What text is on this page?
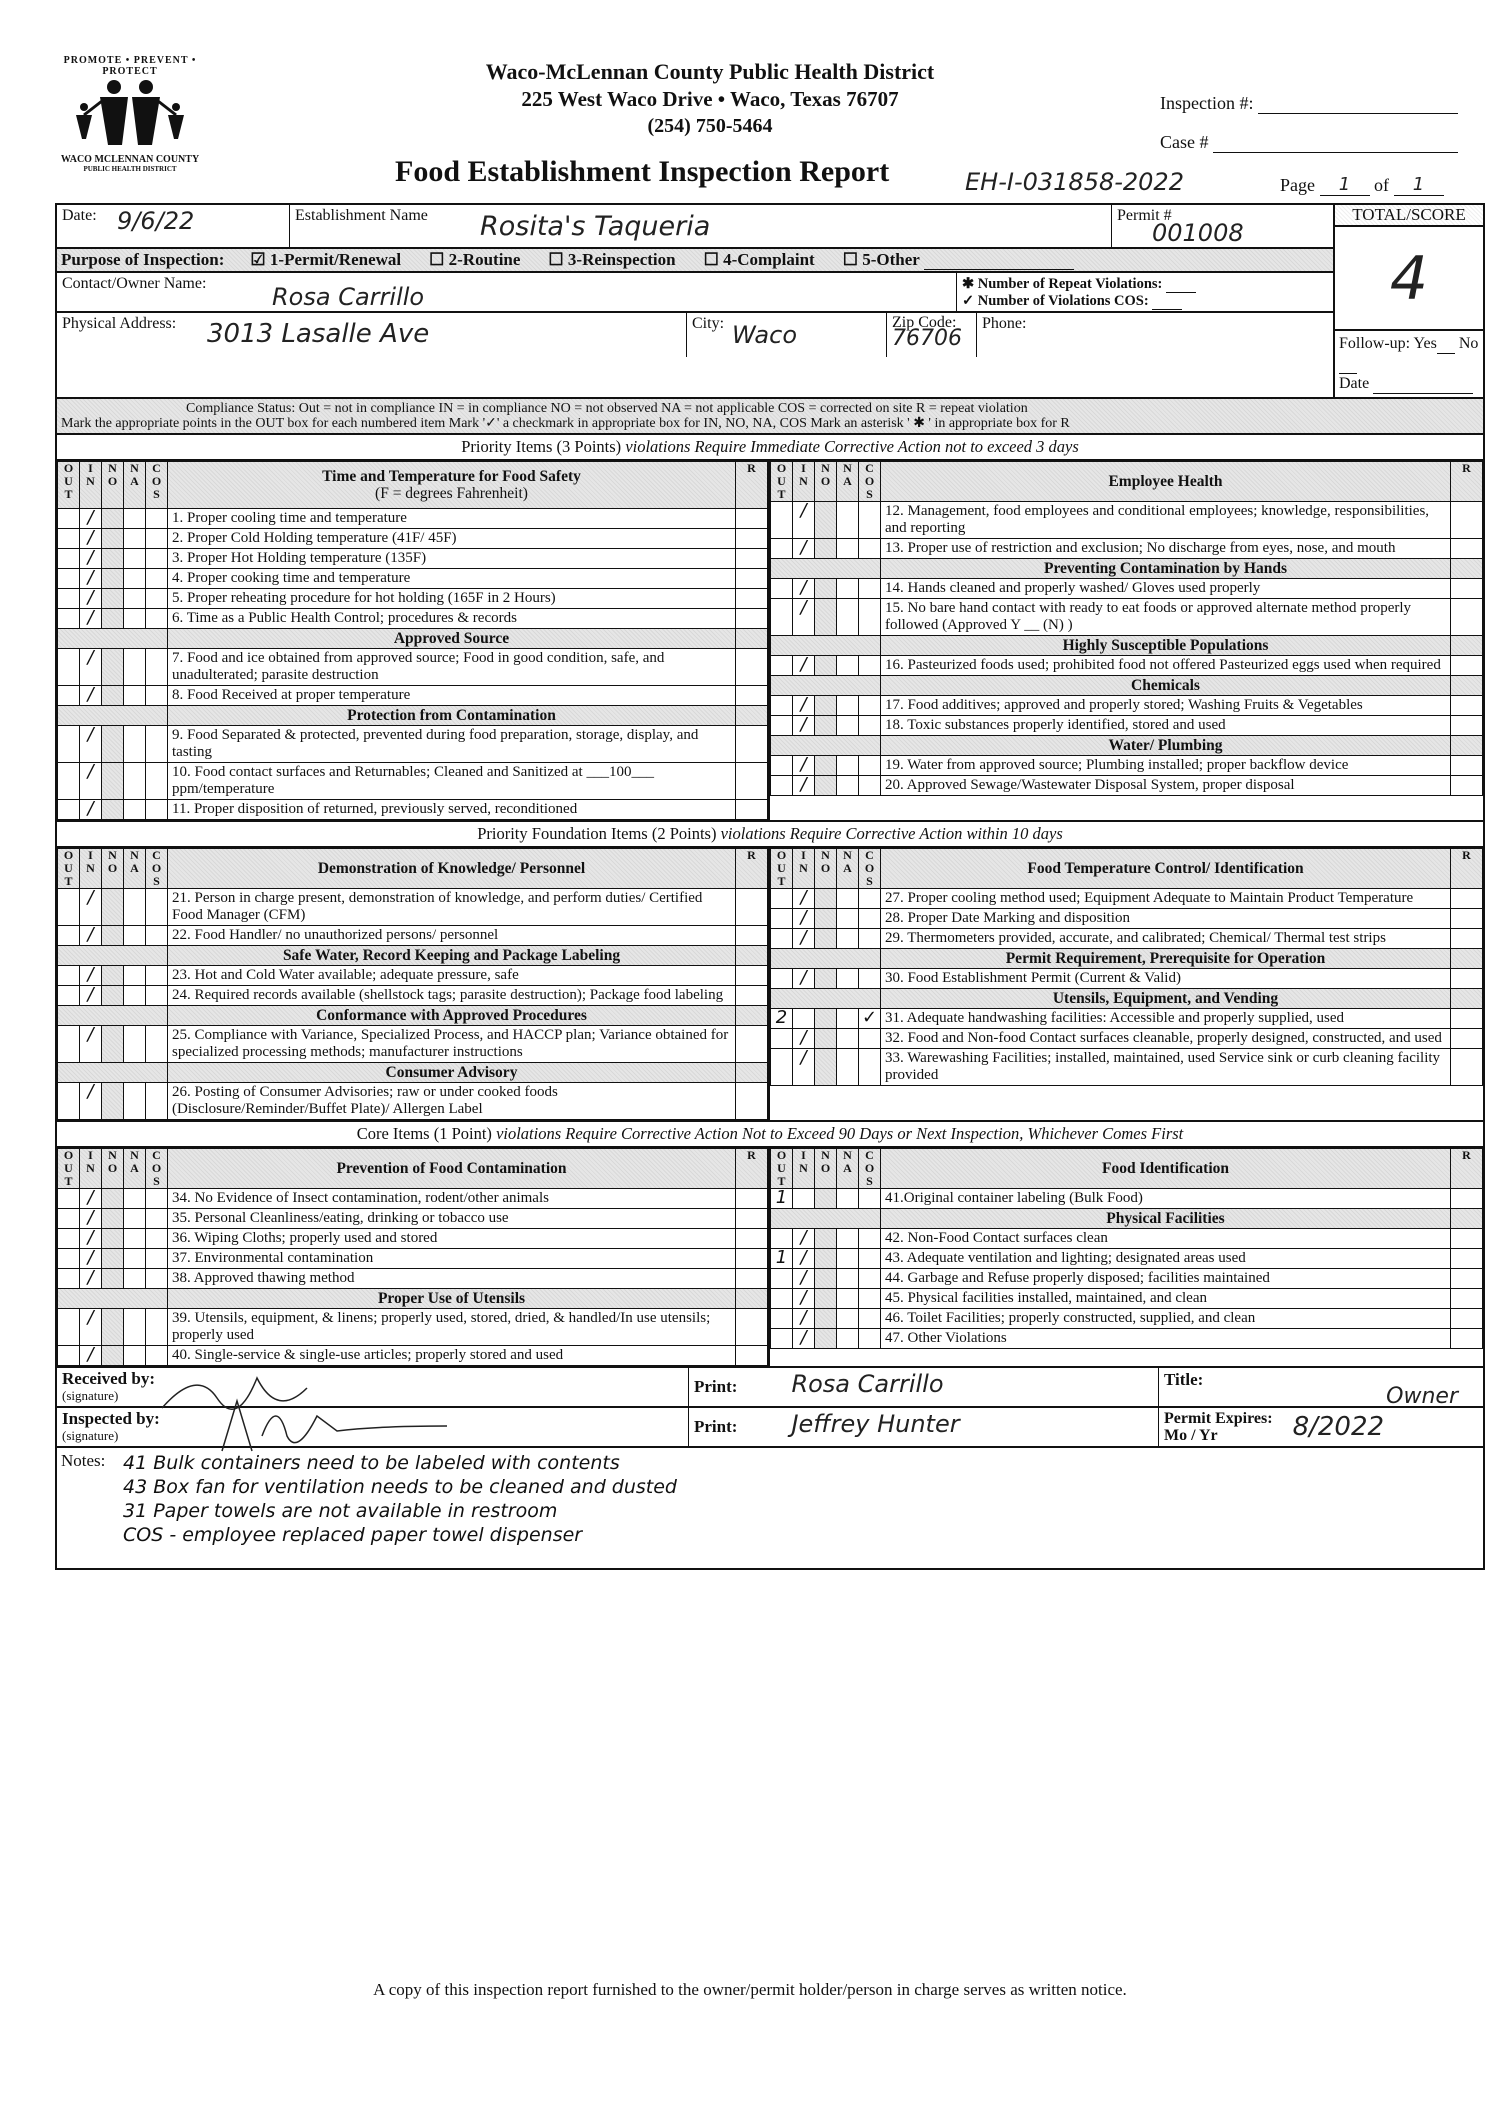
PROMOTE • PREVENT • PROTECT
WACO MCLENNAN COUNTY
PUBLIC HEALTH DISTRICT
Waco-McLennan County Public Health District
225 West Waco Drive • Waco, Texas 76707
(254) 750-5464
Inspection #:
Case #
Food Establishment Inspection Report	EH-I-031858-2022	Page 1 of 1
Date: 9/6/22	Establishment Name Rosita's Taqueria	Permit #
001008
Purpose of Inspection: ☑ 1-Permit/Renewal ☐ 2-Routine ☐ 3-Reinspection ☐ 4-Complaint ☐ 5-Other
Contact/Owner Name:	Rosa Carrillo	✱ Number of Repeat Violations:
✓ Number of Violations COS:
Physical Address: 3013 Lasalle Ave	City: Waco	Zip Code:
76706
Phone:
TOTAL/SCORE
4
Follow-up: Yes No
Date
Compliance Status: Out = not in compliance IN = in compliance NO = not observed NA = not applicable COS = corrected on site R = repeat violation
Mark the appropriate points in the OUT box for each numbered item Mark '✓' a checkmark in appropriate box for IN, NO, NA, COS Mark an asterisk ' ✱ ' in appropriate box for R
Priority Items (3 Points) violations Require Immediate Corrective Action not to exceed 3 days
O
U
T	I
N	N
O	N
A	C
O
S	
Time and Temperature for Food Safety
(F = degrees Fahrenheit)
	R
	/				1. Proper cooling time and temperature	
	/				2. Proper Cold Holding temperature (41F/ 45F)	
	/				3. Proper Hot Holding temperature (135F)	
	/				4. Proper cooking time and temperature	
	/				5. Proper reheating procedure for hot holding (165F in 2 Hours)	
	/				6. Time as a Public Health Control; procedures & records	
					Approved Source	
	/				7. Food and ice obtained from approved source; Food in good condition, safe, and unadulterated; parasite destruction	
	/				8. Food Received at proper temperature	
					Protection from Contamination	
	/				9. Food Separated & protected, prevented during food preparation, storage, display, and tasting	
	/				10. Food contact surfaces and Returnables; Cleaned and Sanitized at ___100___ ppm/temperature	
	/				11. Proper disposition of returned, previously served, reconditioned	
O
U
T	I
N	N
O	N
A	C
O
S	Employee Health	R
	/				12. Management, food employees and conditional employees; knowledge, responsibilities, and reporting	
	/				13. Proper use of restriction and exclusion; No discharge from eyes, nose, and mouth	
					Preventing Contamination by Hands	
	/				14. Hands cleaned and properly washed/ Gloves used properly	
	/				15. No bare hand contact with ready to eat foods or approved alternate method properly followed (Approved Y __ (N) )	
					Highly Susceptible Populations	
	/				16. Pasteurized foods used; prohibited food not offered Pasteurized eggs used when required	
					Chemicals	
	/				17. Food additives; approved and properly stored; Washing Fruits & Vegetables	
	/				18. Toxic substances properly identified, stored and used	
					Water/ Plumbing	
	/				19. Water from approved source; Plumbing installed; proper backflow device	
	/				20. Approved Sewage/Wastewater Disposal System, proper disposal	
Priority Foundation Items (2 Points) violations Require Corrective Action within 10 days
O
U
T	I
N	N
O	N
A	C
O
S	Demonstration of Knowledge/ Personnel	R
	/				21. Person in charge present, demonstration of knowledge, and perform duties/ Certified Food Manager (CFM)	
	/				22. Food Handler/ no unauthorized persons/ personnel	
					Safe Water, Record Keeping and Package Labeling	
	/				23. Hot and Cold Water available; adequate pressure, safe	
	/				24. Required records available (shellstock tags; parasite destruction); Package food labeling	
					Conformance with Approved Procedures	
	/				25. Compliance with Variance, Specialized Process, and HACCP plan; Variance obtained for specialized processing methods; manufacturer instructions	
					Consumer Advisory	
	/				26. Posting of Consumer Advisories; raw or under cooked foods (Disclosure/Reminder/Buffet Plate)/ Allergen Label	
O
U
T	I
N	N
O	N
A	C
O
S	Food Temperature Control/ Identification	R
	/				27. Proper cooling method used; Equipment Adequate to Maintain Product Temperature	
	/				28. Proper Date Marking and disposition	
	/				29. Thermometers provided, accurate, and calibrated; Chemical/ Thermal test strips	
					Permit Requirement, Prerequisite for Operation	
	/				30. Food Establishment Permit (Current & Valid)	
					Utensils, Equipment, and Vending	
2				✓	31. Adequate handwashing facilities: Accessible and properly supplied, used	
	/				32. Food and Non-food Contact surfaces cleanable, properly designed, constructed, and used	
	/				33. Warewashing Facilities; installed, maintained, used Service sink or curb cleaning facility provided	
Core Items (1 Point) violations Require Corrective Action Not to Exceed 90 Days or Next Inspection, Whichever Comes First
O
U
T	I
N	N
O	N
A	C
O
S	Prevention of Food Contamination	R
	/				34. No Evidence of Insect contamination, rodent/other animals	
	/				35. Personal Cleanliness/eating, drinking or tobacco use	
	/				36. Wiping Cloths; properly used and stored	
	/				37. Environmental contamination	
	/				38. Approved thawing method	
					Proper Use of Utensils	
	/				39. Utensils, equipment, & linens; properly used, stored, dried, & handled/In use utensils; properly used	
	/				40. Single-service & single-use articles; properly stored and used	
O
U
T	I
N	N
O	N
A	C
O
S	Food Identification	R
1					41.Original container labeling (Bulk Food)	
					Physical Facilities	
	/				42. Non-Food Contact surfaces clean	
1	/				43. Adequate ventilation and lighting; designated areas used	
	/				44. Garbage and Refuse properly disposed; facilities maintained	
	/				45. Physical facilities installed, maintained, and clean	
	/				46. Toilet Facilities; properly constructed, supplied, and clean	
	/				47. Other Violations	
Received by:
(signature)	Print: Rosa Carrillo	Title:
Owner
Inspected by:
(signature)	Print: Jeffrey Hunter	Permit Expires:
Mo / Yr	8/2022
Notes: 41 Bulk containers need to be labeled with contents
43 Box fan for ventilation needs to be cleaned and dusted
31 Paper towels are not available in restroom
COS - employee replaced paper towel dispenser
A copy of this inspection report furnished to the owner/permit holder/person in charge serves as written notice.
